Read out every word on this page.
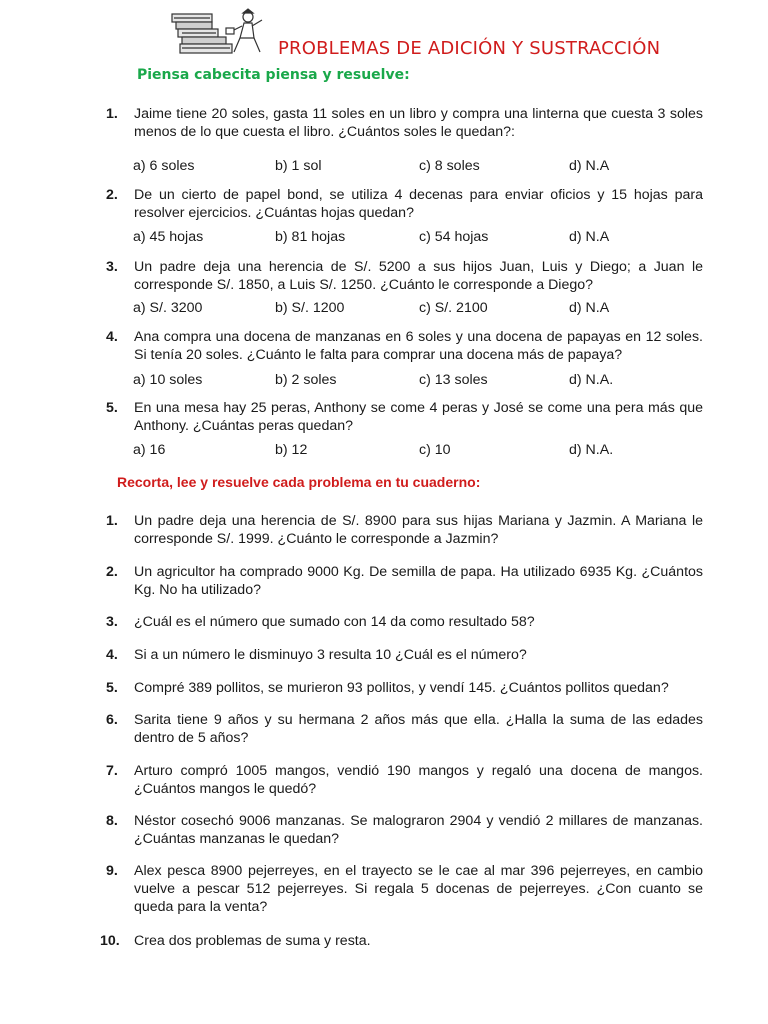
PROBLEMAS DE ADICIÓN Y SUSTRACCIÓN
Piensa cabecita piensa y resuelve:
1. Jaime tiene 20 soles, gasta 11 soles en un libro y compra una linterna que cuesta 3 soles menos de lo que cuesta el libro. ¿Cuántos soles le quedan?:
a) 6 soles	b) 1 sol	c) 8 soles	d) N.A
2. De un cierto de papel bond, se utiliza 4 decenas para enviar oficios y 15 hojas para resolver ejercicios. ¿Cuántas hojas quedan?
a) 45 hojas	b) 81 hojas	c) 54 hojas	d) N.A
3. Un padre deja una herencia de S/. 5200 a sus hijos Juan, Luis y Diego; a Juan le corresponde S/. 1850, a Luis S/. 1250. ¿Cuánto le corresponde a Diego?
a) S/. 3200	b) S/. 1200	c) S/. 2100	d) N.A
4. Ana compra una docena de manzanas en 6 soles y una docena de papayas en 12 soles. Si tenía 20 soles. ¿Cuánto le falta para comprar una docena más de papaya?
a) 10 soles	b) 2 soles	c) 13 soles	d) N.A.
5. En una mesa hay 25 peras, Anthony se come 4 peras y José se come una pera más que Anthony. ¿Cuántas peras quedan?
a) 16	b) 12	c) 10	d) N.A.
Recorta, lee y resuelve cada problema en tu cuaderno:
1. Un padre deja una herencia de S/. 8900 para sus hijas Mariana y Jazmin. A Mariana le corresponde S/. 1999. ¿Cuánto le corresponde a Jazmin?
2. Un agricultor ha comprado 9000 Kg. De semilla de papa. Ha utilizado 6935 Kg. ¿Cuántos Kg. No ha utilizado?
3. ¿Cuál es el número que sumado con 14 da como resultado 58?
4. Si a un número le disminuyo 3 resulta 10 ¿Cuál es el número?
5. Compré 389 pollitos, se murieron 93 pollitos, y vendí 145. ¿Cuántos pollitos quedan?
6. Sarita tiene 9 años y su hermana 2 años más que ella. ¿Halla la suma de las edades dentro de 5 años?
7. Arturo compró 1005 mangos, vendió 190 mangos y regaló una docena de mangos. ¿Cuántos mangos le quedó?
8. Néstor cosechó 9006 manzanas. Se malograron 2904 y vendió 2 millares de manzanas. ¿Cuántas manzanas le quedan?
9. Alex pesca 8900 pejerreyes, en el trayecto se le cae al mar 396 pejerreyes, en cambio vuelve a pescar 512 pejerreyes. Si regala 5 docenas de pejerreyes. ¿Con cuanto se queda para la venta?
10. Crea dos problemas de suma y resta.
